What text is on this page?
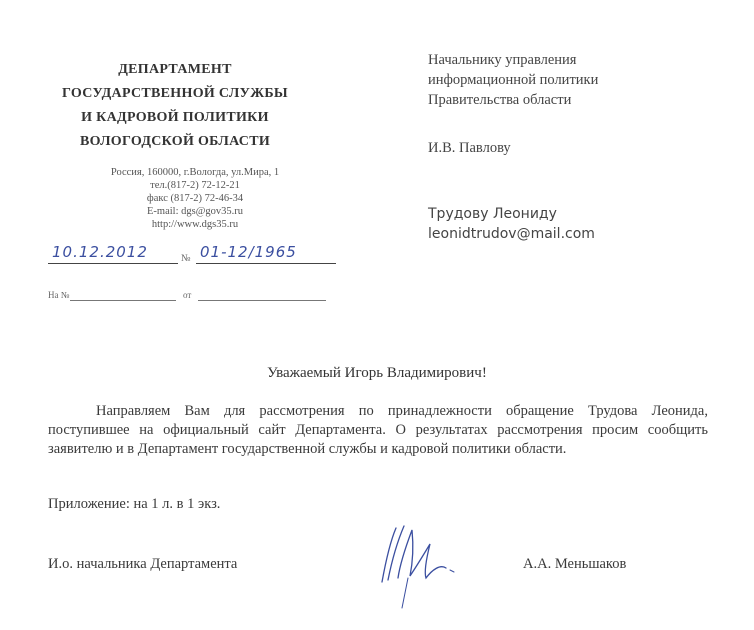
ДЕПАРТАМЕНТ
ГОСУДАРСТВЕННОЙ СЛУЖБЫ
И КАДРОВОЙ ПОЛИТИКИ
ВОЛОГОДСКОЙ ОБЛАСТИ
Россия, 160000, г.Вологда, ул.Мира, 1
тел.(817-2) 72-12-21
факс (817-2) 72-46-34
E-mail: dgs@gov35.ru
http://www.dgs35.ru
10.12.2012	№ 01-12/1965
На №	от
Начальнику управления
информационной политики
Правительства области
И.В. Павлову
Трудову Леониду
leonidtrudov@mail.com
Уважаемый Игорь Владимирович!
Направляем Вам для рассмотрения по принадлежности обращение Трудова Леонида, поступившее на официальный сайт Департамента. О результатах рассмотрения просим сообщить заявителю и в Департамент государственной службы и кадровой политики области.
Приложение: на 1 л. в 1 экз.
И.о. начальника Департамента	А.А. Меньшаков
